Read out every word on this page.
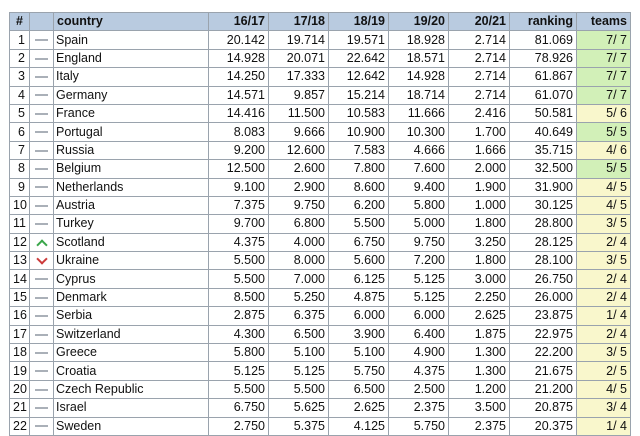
#		country	16/17	17/18	18/19	19/20	20/21	ranking	teams
1		Spain	20.142	19.714	19.571	18.928	2.714	81.069	7/ 7
2		England	14.928	20.071	22.642	18.571	2.714	78.926	7/ 7
3		Italy	14.250	17.333	12.642	14.928	2.714	61.867	7/ 7
4		Germany	14.571	9.857	15.214	18.714	2.714	61.070	7/ 7
5		France	14.416	11.500	10.583	11.666	2.416	50.581	5/ 6
6		Portugal	8.083	9.666	10.900	10.300	1.700	40.649	5/ 5
7		Russia	9.200	12.600	7.583	4.666	1.666	35.715	4/ 6
8		Belgium	12.500	2.600	7.800	7.600	2.000	32.500	5/ 5
9		Netherlands	9.100	2.900	8.600	9.400	1.900	31.900	4/ 5
10		Austria	7.375	9.750	6.200	5.800	1.000	30.125	4/ 5
11		Turkey	9.700	6.800	5.500	5.000	1.800	28.800	3/ 5
12		Scotland	4.375	4.000	6.750	9.750	3.250	28.125	2/ 4
13		Ukraine	5.500	8.000	5.600	7.200	1.800	28.100	3/ 5
14		Cyprus	5.500	7.000	6.125	5.125	3.000	26.750	2/ 4
15		Denmark	8.500	5.250	4.875	5.125	2.250	26.000	2/ 4
16		Serbia	2.875	6.375	6.000	6.000	2.625	23.875	1/ 4
17		Switzerland	4.300	6.500	3.900	6.400	1.875	22.975	2/ 4
18		Greece	5.800	5.100	5.100	4.900	1.300	22.200	3/ 5
19		Croatia	5.125	5.125	5.750	4.375	1.300	21.675	2/ 5
20		Czech Republic	5.500	5.500	6.500	2.500	1.200	21.200	4/ 5
21		Israel	6.750	5.625	2.625	2.375	3.500	20.875	3/ 4
22		Sweden	2.750	5.375	4.125	5.750	2.375	20.375	1/ 4
